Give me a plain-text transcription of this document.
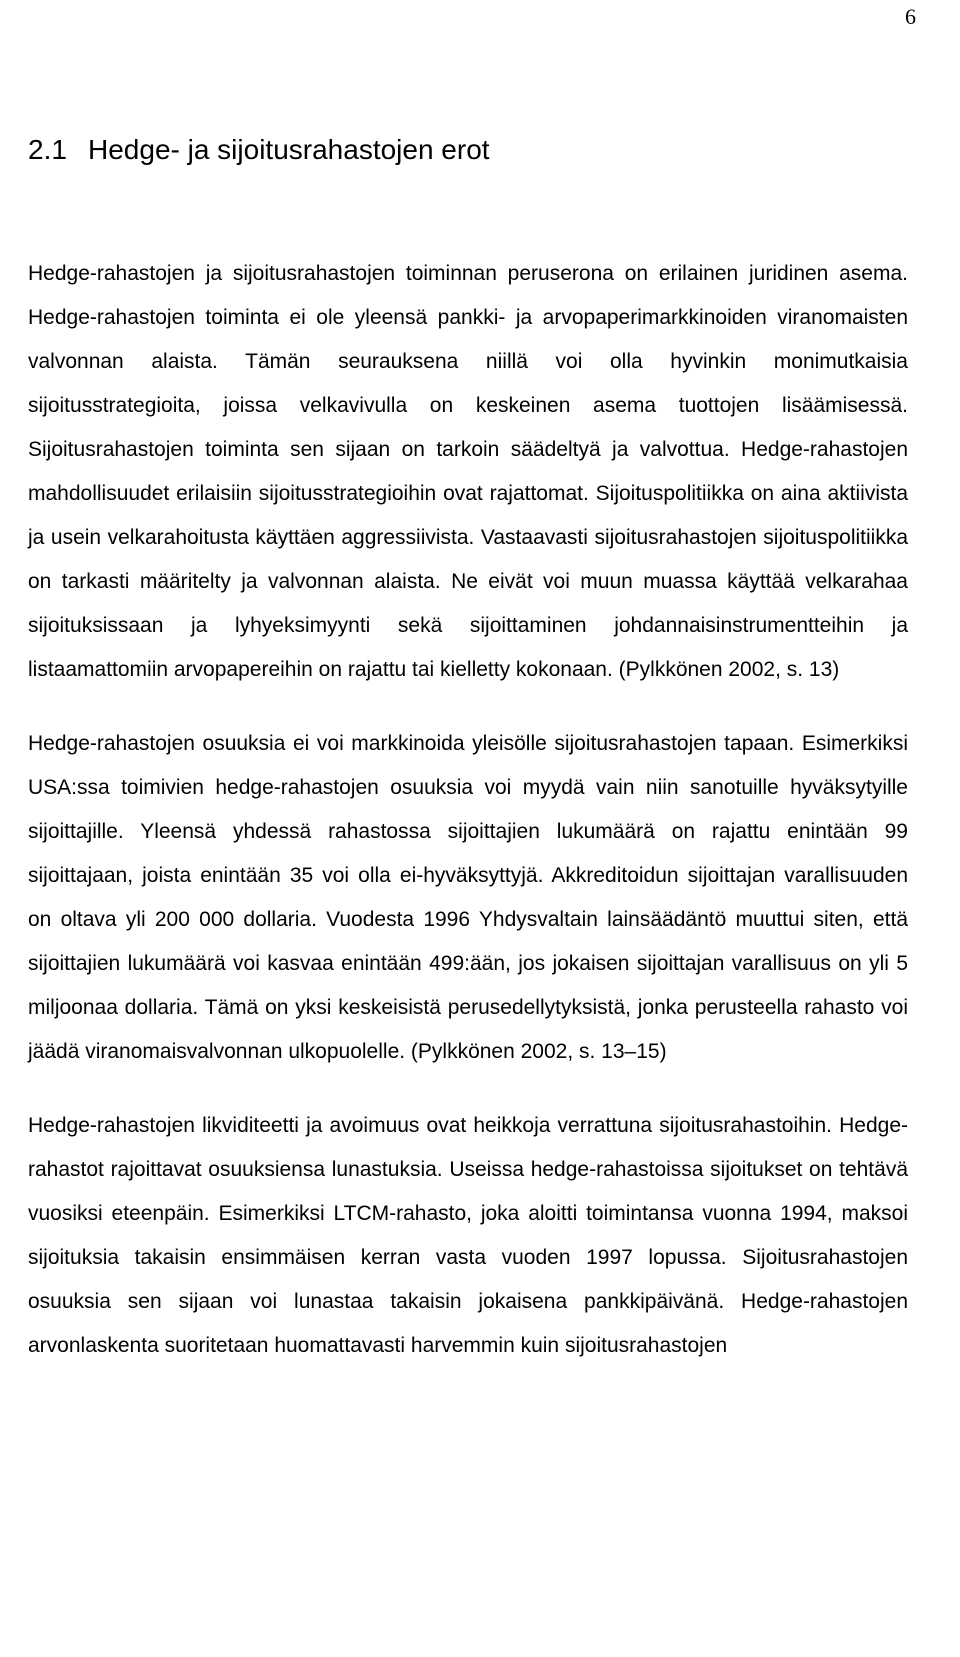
6
2.1 Hedge- ja sijoitusrahastojen erot

Hedge-rahastojen ja sijoitusrahastojen toiminnan peruserona on erilainen juridinen asema. Hedge-rahastojen toiminta ei ole yleensä pankki- ja arvopaperimarkkinoiden viranomaisten valvonnan alaista. Tämän seurauksena niillä voi olla hyvinkin monimutkaisia sijoitusstrategioita, joissa velkavivulla on keskeinen asema tuottojen lisäämisessä. Sijoitusrahastojen toiminta sen sijaan on tarkoin säädeltyä ja valvottua. Hedge-rahastojen mahdollisuudet erilaisiin sijoitusstrategioihin ovat rajattomat. Sijoituspolitiikka on aina aktiivista ja usein velkarahoitusta käyttäen aggressiivista. Vastaavasti sijoitusrahastojen sijoituspolitiikka on tarkasti määritelty ja valvonnan alaista. Ne eivät voi muun muassa käyttää velkarahaa sijoituksissaan ja lyhyeksimyynti sekä sijoittaminen johdannaisinstrumentteihin ja listaamattomiin arvopapereihin on rajattu tai kielletty kokonaan. (Pylkkönen 2002, s. 13)

Hedge-rahastojen osuuksia ei voi markkinoida yleisölle sijoitusrahastojen tapaan. Esimerkiksi USA:ssa toimivien hedge-rahastojen osuuksia voi myydä vain niin sanotuille hyväksytyille sijoittajille. Yleensä yhdessä rahastossa sijoittajien lukumäärä on rajattu enintään 99 sijoittajaan, joista enintään 35 voi olla ei-hyväksyttyjä. Akkreditoidun sijoittajan varallisuuden on oltava yli 200 000 dollaria. Vuodesta 1996 Yhdysvaltain lainsäädäntö muuttui siten, että sijoittajien lukumäärä voi kasvaa enintään 499:ään, jos jokaisen sijoittajan varallisuus on yli 5 miljoonaa dollaria. Tämä on yksi keskeisistä perusedellytyksistä, jonka perusteella rahasto voi jäädä viranomaisvalvonnan ulkopuolelle. (Pylkkönen 2002, s. 13–15)

Hedge-rahastojen likviditeetti ja avoimuus ovat heikkoja verrattuna sijoitusrahastoihin. Hedge-rahastot rajoittavat osuuksiensa lunastuksia. Useissa hedge-rahastoissa sijoitukset on tehtävä vuosiksi eteenpäin. Esimerkiksi LTCM-rahasto, joka aloitti toimintansa vuonna 1994, maksoi sijoituksia takaisin ensimmäisen kerran vasta vuoden 1997 lopussa. Sijoitusrahastojen osuuksia sen sijaan voi lunastaa takaisin jokaisena pankkipäivänä. Hedge-rahastojen arvonlaskenta suoritetaan huomattavasti harvemmin kuin sijoitusrahastojen
